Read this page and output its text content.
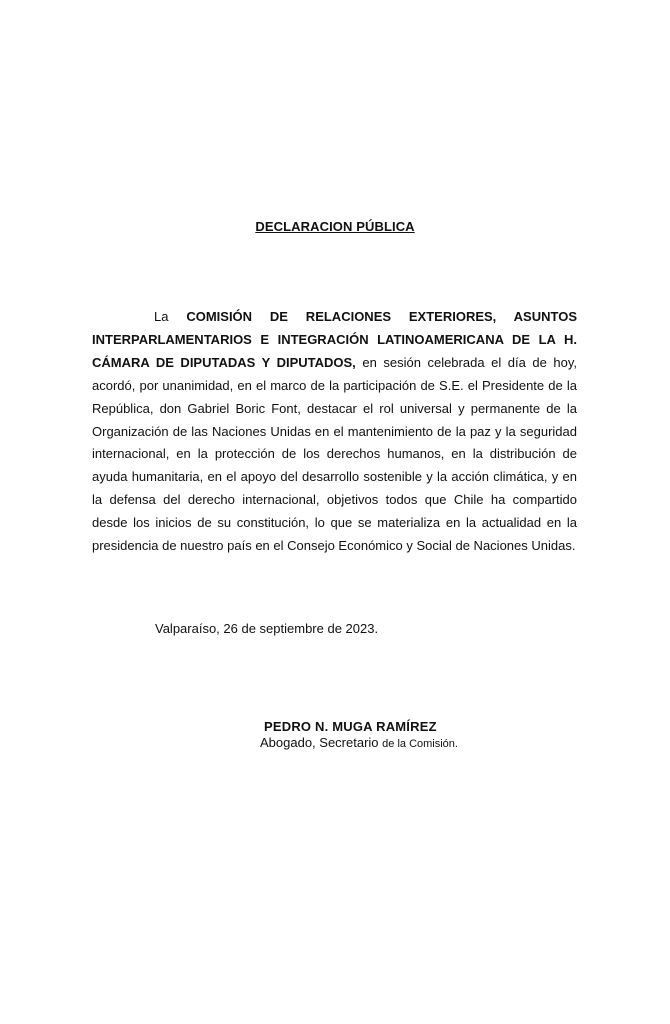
DECLARACION PÚBLICA

La COMISIÓN DE RELACIONES EXTERIORES, ASUNTOS INTERPARLAMENTARIOS E INTEGRACIÓN LATINOAMERICANA DE LA H. CÁMARA DE DIPUTADAS Y DIPUTADOS, en sesión celebrada el día de hoy, acordó, por unanimidad, en el marco de la participación de S.E. el Presidente de la República, don Gabriel Boric Font, destacar el rol universal y permanente de la Organización de las Naciones Unidas en el mantenimiento de la paz y la seguridad internacional, en la protección de los derechos humanos, en la distribución de ayuda humanitaria, en el apoyo del desarrollo sostenible y la acción climática, y en la defensa del derecho internacional, objetivos todos que Chile ha compartido desde los inicios de su constitución, lo que se materializa en la actualidad en la presidencia de nuestro país en el Consejo Económico y Social de Naciones Unidas.

Valparaíso, 26 de septiembre de 2023.
PEDRO N. MUGA RAMÍREZ
Abogado, Secretario de la Comisión.
